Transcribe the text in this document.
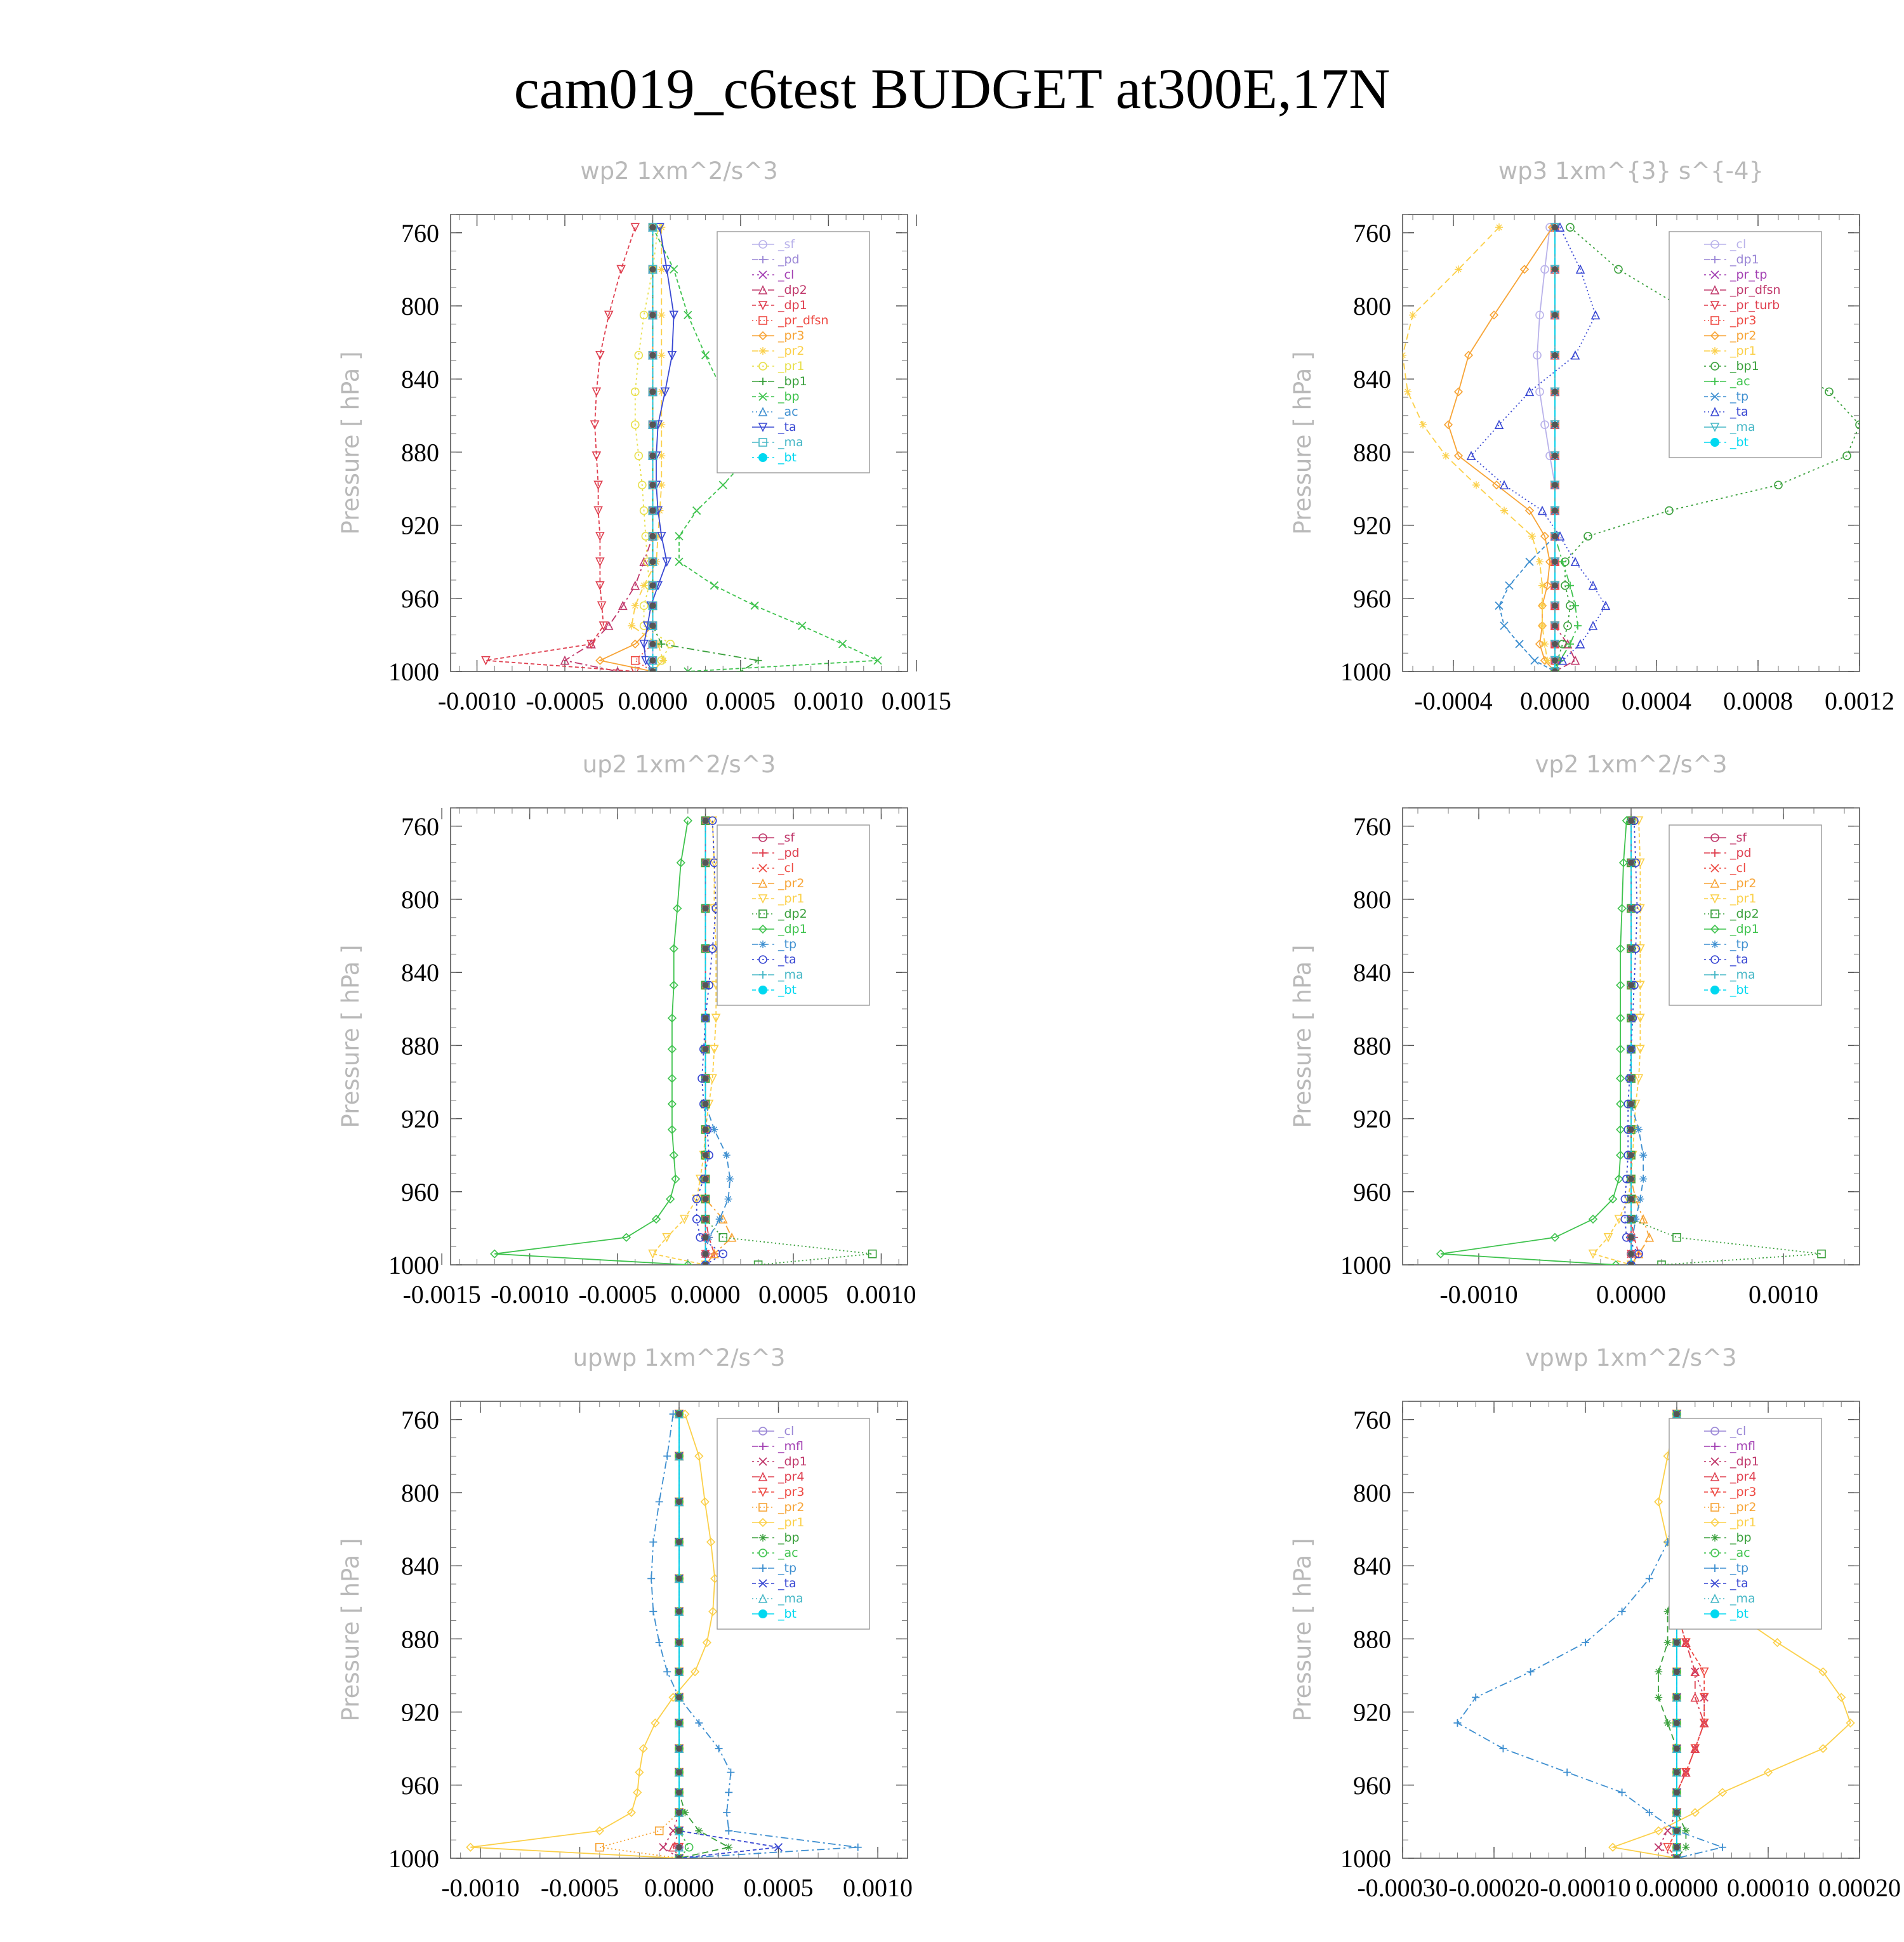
cam019_c6test BUDGET at300E,17N
wp2 1xm^2/s^3
Pressure [ hPa ]
760
800
840
880
920
960
1000
-0.0010 -0.0005 0.0000 0.0005 0.0010 0.0015
_sf
_pd
_cl
_dp2
_dp1
_pr_dfsn
_pr3
_pr2
_pr1
_bp1
_bp
_ac
_ta
_ma
_bt
wp3 1xm^{3} s^{-4}
Pressure [ hPa ]
760
800
840
880
920
960
1000
-0.0004 0.0000 0.0004 0.0008 0.0012
_cl
_dp1
_pr_tp
_pr_dfsn
_pr_turb
_pr3
_pr2
_pr1
_bp1
_ac
_tp
_ta
_ma
_bt
up2 1xm^2/s^3
Pressure [ hPa ]
760
800
840
880
920
960
1000
-0.0015 -0.0010 -0.0005 0.0000 0.0005 0.0010
_sf
_pd
_cl
_pr2
_pr1
_dp2
_dp1
_tp
_ta
_ma
_bt
vp2 1xm^2/s^3
Pressure [ hPa ]
760
800
840
880
920
960
1000
-0.0010	0.0000	0.0010
_sf
_pd
_cl
_pr2
_pr1
_dp2
_dp1
_tp
_ta
_ma
_bt
upwp 1xm^2/s^3
Pressure [ hPa ]
760
800
840
880
920
960
1000
-0.0010 -0.0005 0.0000 0.0005 0.0010
_cl
_mfl
_dp1
_pr4
_pr3
_pr2
_pr1
_bp
_ac
_tp
_ta
_ma
_bt
vpwp 1xm^2/s^3
Pressure [ hPa ]
760
800
840
880
920
960
1000
-0.00030 -0.00020 -0.00010 0.00000 0.00010 0.00020
_cl
_mfl
_dp1
_pr4
_pr3
_pr2
_pr1
_bp
_ac
_tp
_ta
_ma
_bt
